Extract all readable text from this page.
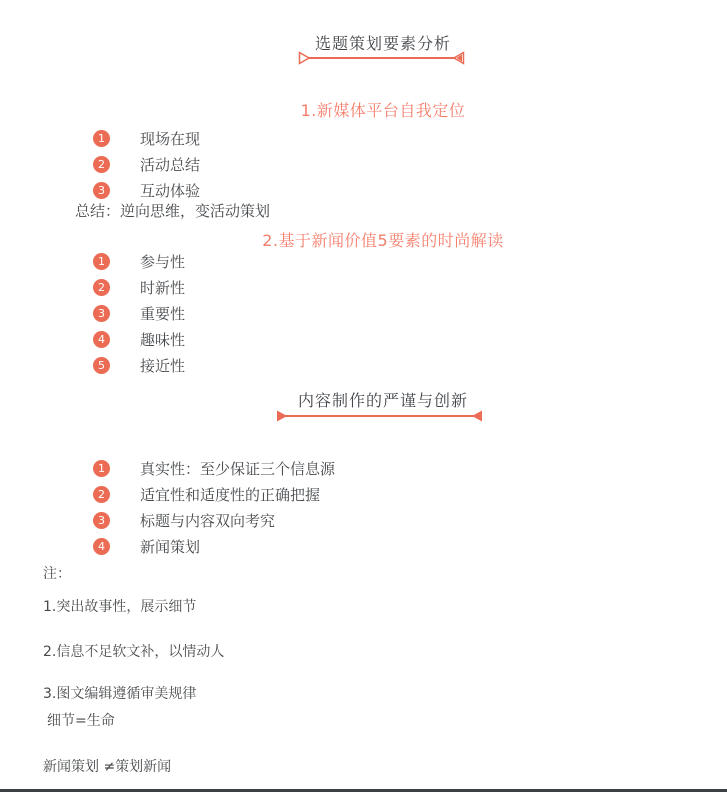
选题策划要素分析
1.新媒体平台自我定位
1	现场在现
2	活动总结
3	互动体验
总结：逆向思维，变活动策划
2.基于新闻价值5要素的时尚解读
1	参与性
2	时新性
3	重要性
4	趣味性
5	接近性
内容制作的严谨与创新
1	真实性：至少保证三个信息源
2	适宜性和适度性的正确把握
3	标题与内容双向考究
4	新闻策划
注：
1.突出故事性，展示细节
2.信息不足软文补，以情动人
3.图文编辑遵循审美规律
细节=生命
新闻策划 ≠策划新闻
